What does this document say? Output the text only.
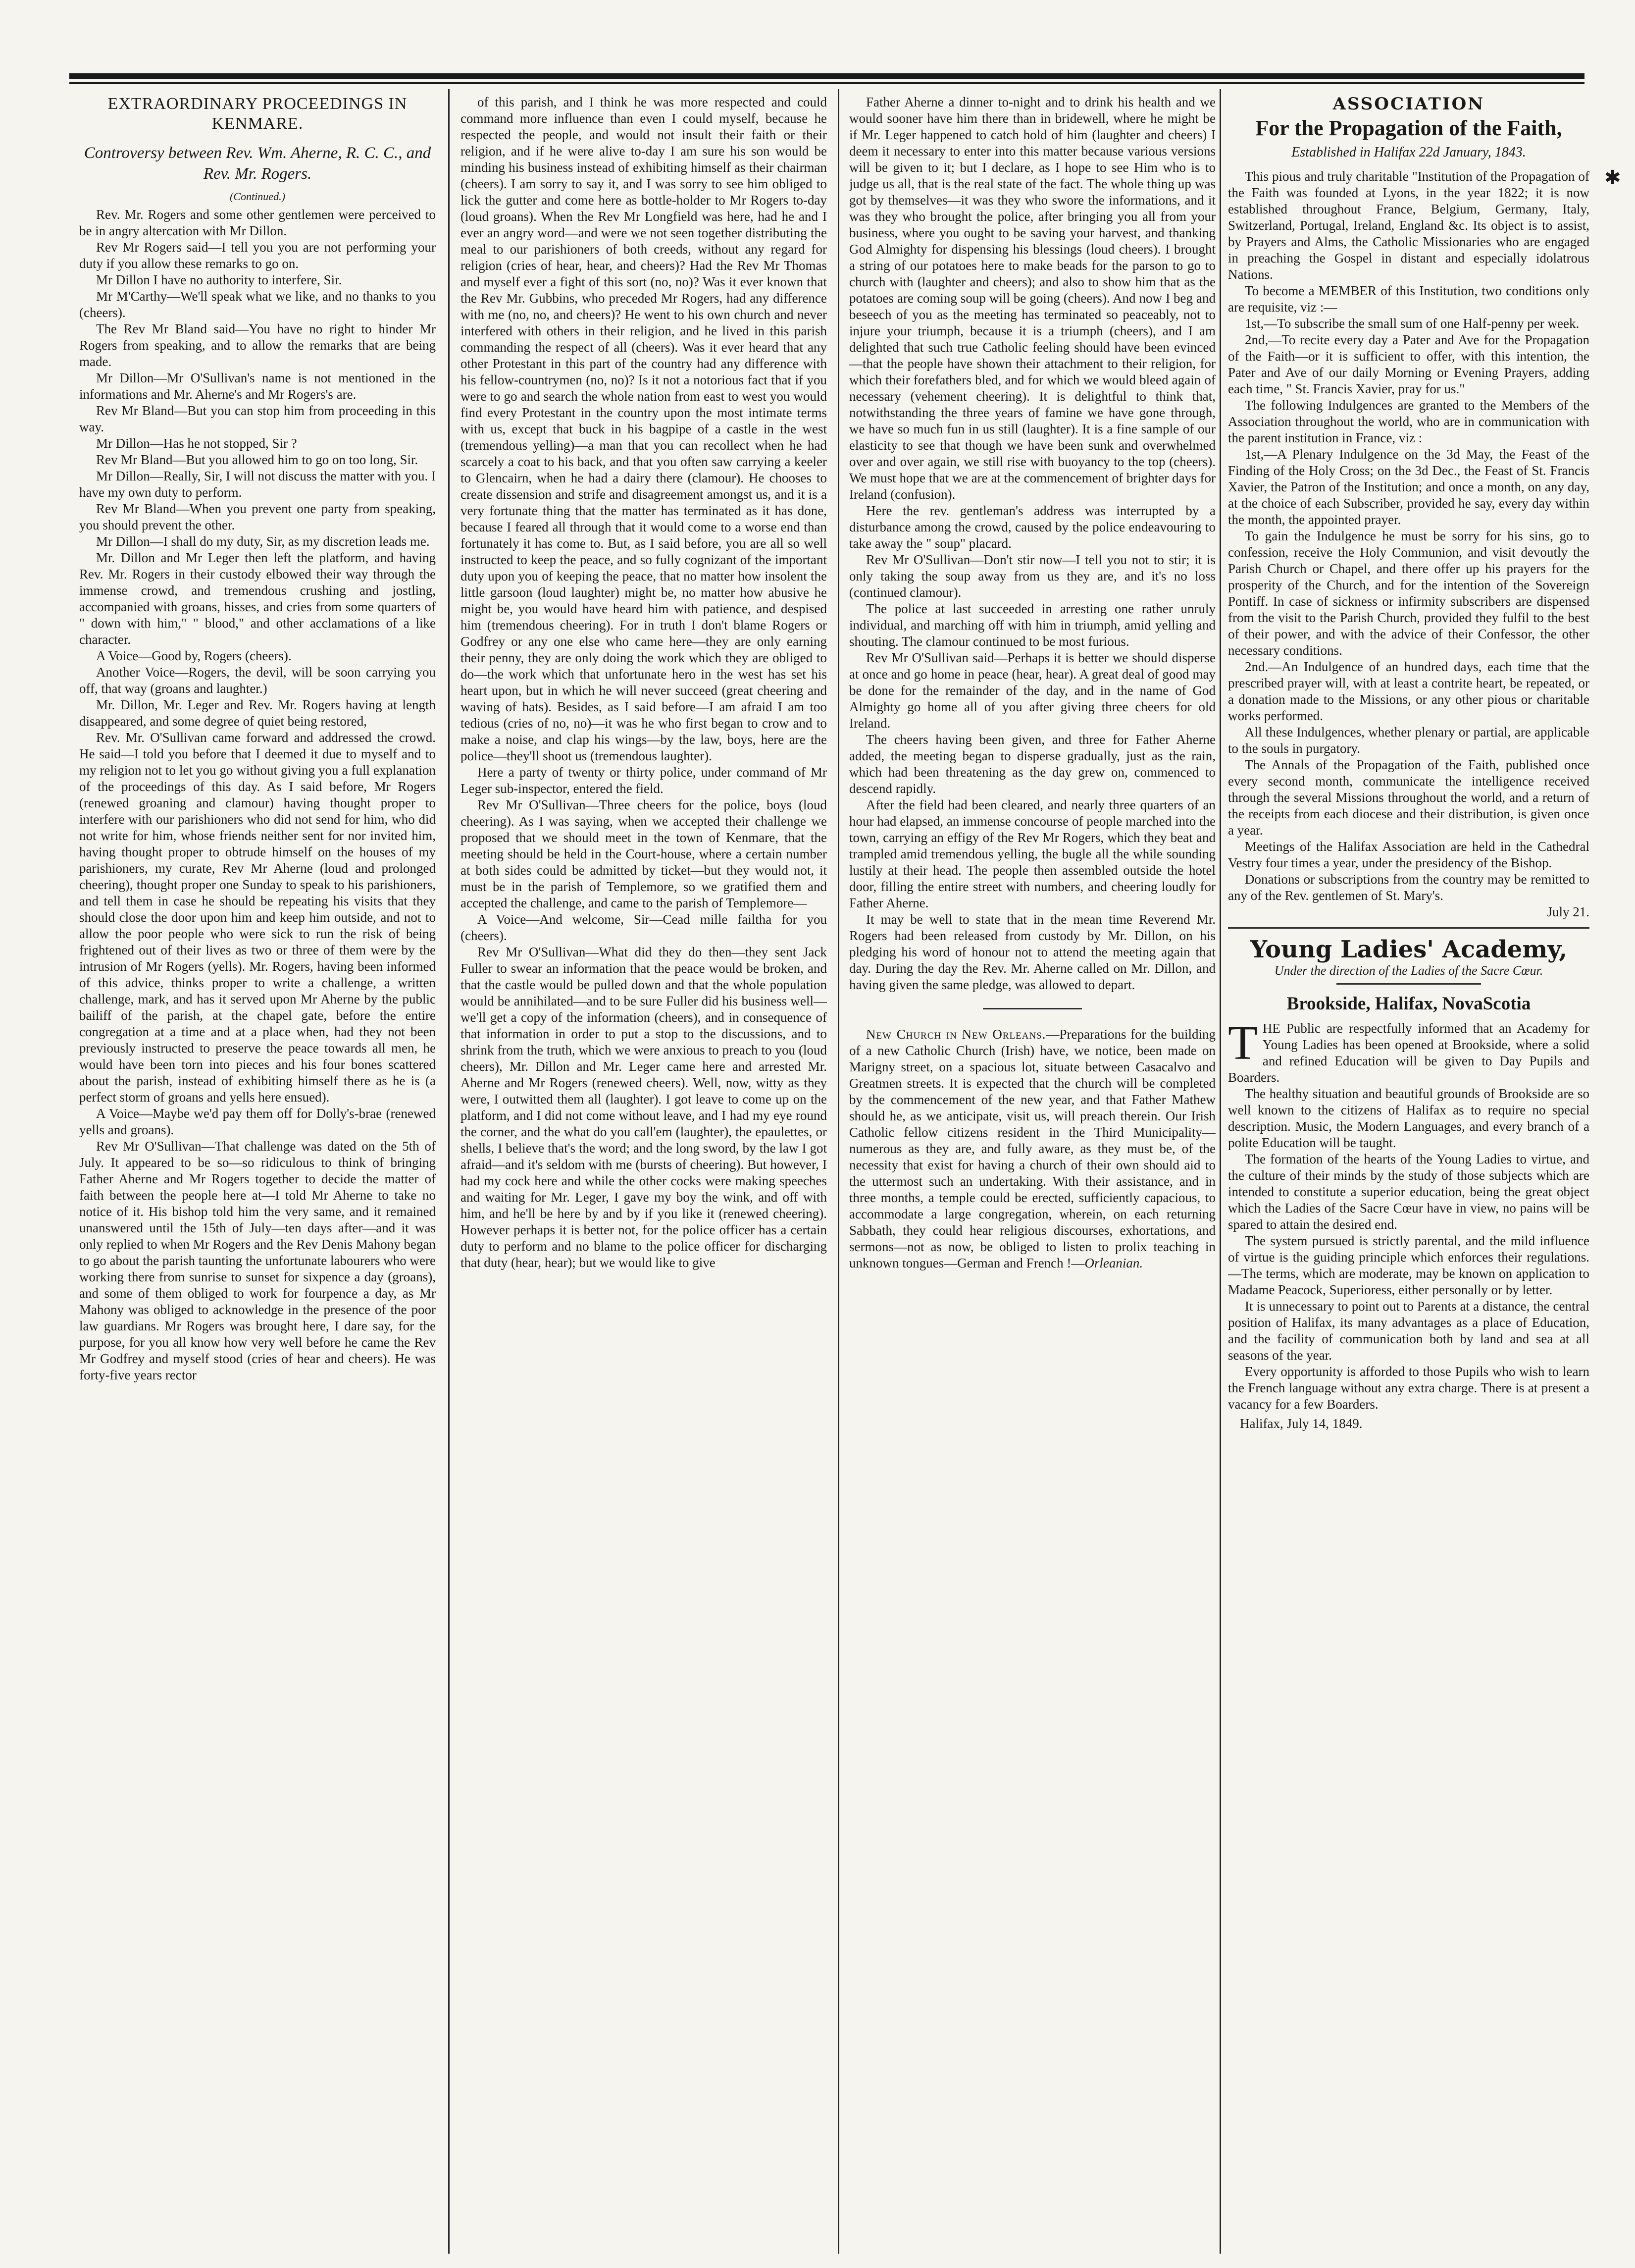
✱

EXTRAORDINARY PROCEEDINGS IN KENMARE.

Controversy between Rev. Wm. Aherne, R. C. C., and Rev. Mr. Rogers.

(Continued.)

Rev. Mr. Rogers and some other gentlemen were perceived to be in angry altercation with Mr Dillon.

Rev Mr Rogers said—I tell you you are not performing your duty if you allow these remarks to go on.

Mr Dillon I have no authority to interfere, Sir.

Mr M'Carthy—We'll speak what we like, and no thanks to you (cheers).

The Rev Mr Bland said—You have no right to hinder Mr Rogers from speaking, and to allow the remarks that are being made.

Mr Dillon—Mr O'Sullivan's name is not mentioned in the informations and Mr. Aherne's and Mr Rogers's are.

Rev Mr Bland—But you can stop him from proceeding in this way.

Mr Dillon—Has he not stopped, Sir ?

Rev Mr Bland—But you allowed him to go on too long, Sir.

Mr Dillon—Really, Sir, I will not discuss the matter with you. I have my own duty to perform.

Rev Mr Bland—When you prevent one party from speaking, you should prevent the other.

Mr Dillon—I shall do my duty, Sir, as my discretion leads me.

Mr. Dillon and Mr Leger then left the platform, and having Rev. Mr. Rogers in their custody elbowed their way through the immense crowd, and tremendous crushing and jostling, accompanied with groans, hisses, and cries from some quarters of " down with him," " blood," and other acclamations of a like character.

A Voice—Good by, Rogers (cheers).

Another Voice—Rogers, the devil, will be soon carrying you off, that way (groans and laughter.)

Mr. Dillon, Mr. Leger and Rev. Mr. Rogers having at length disappeared, and some degree of quiet being restored,

Rev. Mr. O'Sullivan came forward and addressed the crowd. He said—I told you before that I deemed it due to myself and to my religion not to let you go without giving you a full explanation of the proceedings of this day. As I said before, Mr Rogers (renewed groaning and clamour) having thought proper to interfere with our parishioners who did not send for him, who did not write for him, whose friends neither sent for nor invited him, having thought proper to obtrude himself on the houses of my parishioners, my curate, Rev Mr Aherne (loud and prolonged cheering), thought proper one Sunday to speak to his parishioners, and tell them in case he should be repeating his visits that they should close the door upon him and keep him outside, and not to allow the poor people who were sick to run the risk of being frightened out of their lives as two or three of them were by the intrusion of Mr Rogers (yells). Mr. Rogers, having been informed of this advice, thinks proper to write a challenge, a written challenge, mark, and has it served upon Mr Aherne by the public bailiff of the parish, at the chapel gate, before the entire congregation at a time and at a place when, had they not been previously instructed to preserve the peace towards all men, he would have been torn into pieces and his four bones scattered about the parish, instead of exhibiting himself there as he is (a perfect storm of groans and yells here ensued).

A Voice—Maybe we'd pay them off for Dolly's-brae (renewed yells and groans).

Rev Mr O'Sullivan—That challenge was dated on the 5th of July. It appeared to be so—so ridiculous to think of bringing Father Aherne and Mr Rogers together to decide the matter of faith between the people here at—I told Mr Aherne to take no notice of it. His bishop told him the very same, and it remained unanswered until the 15th of July—ten days after—and it was only replied to when Mr Rogers and the Rev Denis Mahony began to go about the parish taunting the unfortunate labourers who were working there from sunrise to sunset for sixpence a day (groans), and some of them obliged to work for fourpence a day, as Mr Mahony was obliged to acknowledge in the presence of the poor law guardians. Mr Rogers was brought here, I dare say, for the purpose, for you all know how very well before he came the Rev Mr Godfrey and myself stood (cries of hear and cheers). He was forty-five years rector

of this parish, and I think he was more respected and could command more influence than even I could myself, because he respected the people, and would not insult their faith or their religion, and if he were alive to-day I am sure his son would be minding his business instead of exhibiting himself as their chairman (cheers). I am sorry to say it, and I was sorry to see him obliged to lick the gutter and come here as bottle-holder to Mr Rogers to-day (loud groans). When the Rev Mr Longfield was here, had he and I ever an angry word—and were we not seen together distributing the meal to our parishioners of both creeds, without any regard for religion (cries of hear, hear, and cheers)? Had the Rev Mr Thomas and myself ever a fight of this sort (no, no)? Was it ever known that the Rev Mr. Gubbins, who preceded Mr Rogers, had any difference with me (no, no, and cheers)? He went to his own church and never interfered with others in their religion, and he lived in this parish commanding the respect of all (cheers). Was it ever heard that any other Protestant in this part of the country had any difference with his fellow-countrymen (no, no)? Is it not a notorious fact that if you were to go and search the whole nation from east to west you would find every Protestant in the country upon the most intimate terms with us, except that buck in his bagpipe of a castle in the west (tremendous yelling)—a man that you can recollect when he had scarcely a coat to his back, and that you often saw carrying a keeler to Glencairn, when he had a dairy there (clamour). He chooses to create dissension and strife and disagreement amongst us, and it is a very fortunate thing that the matter has terminated as it has done, because I feared all through that it would come to a worse end than fortunately it has come to. But, as I said before, you are all so well instructed to keep the peace, and so fully cognizant of the important duty upon you of keeping the peace, that no matter how insolent the little garsoon (loud laughter) might be, no matter how abusive he might be, you would have heard him with patience, and despised him (tremendous cheering). For in truth I don't blame Rogers or Godfrey or any one else who came here—they are only earning their penny, they are only doing the work which they are obliged to do—the work which that unfortunate hero in the west has set his heart upon, but in which he will never succeed (great cheering and waving of hats). Besides, as I said before—I am afraid I am too tedious (cries of no, no)—it was he who first began to crow and to make a noise, and clap his wings—by the law, boys, here are the police—they'll shoot us (tremendous laughter).

Here a party of twenty or thirty police, under command of Mr Leger sub-inspector, entered the field.

Rev Mr O'Sullivan—Three cheers for the police, boys (loud cheering). As I was saying, when we accepted their challenge we proposed that we should meet in the town of Kenmare, that the meeting should be held in the Court-house, where a certain number at both sides could be admitted by ticket—but they would not, it must be in the parish of Templemore, so we gratified them and accepted the challenge, and came to the parish of Templemore—

A Voice—And welcome, Sir—Cead mille failtha for you (cheers).

Rev Mr O'Sullivan—What did they do then—they sent Jack Fuller to swear an information that the peace would be broken, and that the castle would be pulled down and that the whole population would be annihilated—and to be sure Fuller did his business well—we'll get a copy of the information (cheers), and in consequence of that information in order to put a stop to the discussions, and to shrink from the truth, which we were anxious to preach to you (loud cheers), Mr. Dillon and Mr. Leger came here and arrested Mr. Aherne and Mr Rogers (renewed cheers). Well, now, witty as they were, I outwitted them all (laughter). I got leave to come up on the platform, and I did not come without leave, and I had my eye round the corner, and the what do you call'em (laughter), the epaulettes, or shells, I believe that's the word; and the long sword, by the law I got afraid—and it's seldom with me (bursts of cheering). But however, I had my cock here and while the other cocks were making speeches and waiting for Mr. Leger, I gave my boy the wink, and off with him, and he'll be here by and by if you like it (renewed cheering). However perhaps it is better not, for the police officer has a certain duty to perform and no blame to the police officer for discharging that duty (hear, hear); but we would like to give

Father Aherne a dinner to-night and to drink his health and we would sooner have him there than in bridewell, where he might be if Mr. Leger happened to catch hold of him (laughter and cheers) I deem it necessary to enter into this matter because various versions will be given to it; but I declare, as I hope to see Him who is to judge us all, that is the real state of the fact. The whole thing up was got by themselves—it was they who swore the informations, and it was they who brought the police, after bringing you all from your business, where you ought to be saving your harvest, and thanking God Almighty for dispensing his blessings (loud cheers). I brought a string of our potatoes here to make beads for the parson to go to church with (laughter and cheers); and also to show him that as the potatoes are coming soup will be going (cheers). And now I beg and beseech of you as the meeting has terminated so peaceably, not to injure your triumph, because it is a triumph (cheers), and I am delighted that such true Catholic feeling should have been evinced—that the people have shown their attachment to their religion, for which their forefathers bled, and for which we would bleed again of necessary (vehement cheering). It is delightful to think that, notwithstanding the three years of famine we have gone through, we have so much fun in us still (laughter). It is a fine sample of our elasticity to see that though we have been sunk and overwhelmed over and over again, we still rise with buoyancy to the top (cheers). We must hope that we are at the commencement of brighter days for Ireland (confusion).

Here the rev. gentleman's address was interrupted by a disturbance among the crowd, caused by the police endeavouring to take away the " soup" placard.

Rev Mr O'Sullivan—Don't stir now—I tell you not to stir; it is only taking the soup away from us they are, and it's no loss (continued clamour).

The police at last succeeded in arresting one rather unruly individual, and marching off with him in triumph, amid yelling and shouting. The clamour continued to be most furious.

Rev Mr O'Sullivan said—Perhaps it is better we should disperse at once and go home in peace (hear, hear). A great deal of good may be done for the remainder of the day, and in the name of God Almighty go home all of you after giving three cheers for old Ireland.

The cheers having been given, and three for Father Aherne added, the meeting began to disperse gradually, just as the rain, which had been threatening as the day grew on, commenced to descend rapidly.

After the field had been cleared, and nearly three quarters of an hour had elapsed, an immense concourse of people marched into the town, carrying an effigy of the Rev Mr Rogers, which they beat and trampled amid tremendous yelling, the bugle all the while sounding lustily at their head. The people then assembled outside the hotel door, filling the entire street with numbers, and cheering loudly for Father Aherne.

It may be well to state that in the mean time Reverend Mr. Rogers had been released from custody by Mr. Dillon, on his pledging his word of honour not to attend the meeting again that day. During the day the Rev. Mr. Aherne called on Mr. Dillon, and having given the same pledge, was allowed to depart.

New Church in New Orleans.—Preparations for the building of a new Catholic Church (Irish) have, we notice, been made on Marigny street, on a spacious lot, situate between Casacalvo and Greatmen streets. It is expected that the church will be completed by the commencement of the new year, and that Father Mathew should he, as we anticipate, visit us, will preach therein. Our Irish Catholic fellow citizens resident in the Third Municipality—numerous as they are, and fully aware, as they must be, of the necessity that exist for having a church of their own should aid to the uttermost such an undertaking. With their assistance, and in three months, a temple could be erected, sufficiently capacious, to accommodate a large congregation, wherein, on each returning Sabbath, they could hear religious discourses, exhortations, and sermons—not as now, be obliged to listen to prolix teaching in unknown tongues—German and French !—Orleanian.

ASSOCIATION

For the Propagation of the Faith,

Established in Halifax 22d January, 1843.

This pious and truly charitable "Institution of the Propagation of the Faith was founded at Lyons, in the year 1822; it is now established throughout France, Belgium, Germany, Italy, Switzerland, Portugal, Ireland, England &c. Its object is to assist, by Prayers and Alms, the Catholic Missionaries who are engaged in preaching the Gospel in distant and especially idolatrous Nations.

To become a MEMBER of this Institution, two conditions only are requisite, viz :—

1st,—To subscribe the small sum of one Half-penny per week.

2nd,—To recite every day a Pater and Ave for the Propagation of the Faith—or it is sufficient to offer, with this intention, the Pater and Ave of our daily Morning or Evening Prayers, adding each time, " St. Francis Xavier, pray for us."

The following Indulgences are granted to the Members of the Association throughout the world, who are in communication with the parent institution in France, viz :

1st,—A Plenary Indulgence on the 3d May, the Feast of the Finding of the Holy Cross; on the 3d Dec., the Feast of St. Francis Xavier, the Patron of the Institution; and once a month, on any day, at the choice of each Subscriber, provided he say, every day within the month, the appointed prayer.

To gain the Indulgence he must be sorry for his sins, go to confession, receive the Holy Communion, and visit devoutly the Parish Church or Chapel, and there offer up his prayers for the prosperity of the Church, and for the intention of the Sovereign Pontiff. In case of sickness or infirmity subscribers are dispensed from the visit to the Parish Church, provided they fulfil to the best of their power, and with the advice of their Confessor, the other necessary conditions.

2nd.—An Indulgence of an hundred days, each time that the prescribed prayer will, with at least a contrite heart, be repeated, or a donation made to the Missions, or any other pious or charitable works performed.

All these Indulgences, whether plenary or partial, are applicable to the souls in purgatory.

The Annals of the Propagation of the Faith, published once every second month, communicate the intelligence received through the several Missions throughout the world, and a return of the receipts from each diocese and their distribution, is given once a year.

Meetings of the Halifax Association are held in the Cathedral Vestry four times a year, under the presidency of the Bishop.

Donations or subscriptions from the country may be remitted to any of the Rev. gentlemen of St. Mary's.

July 21.

Young Ladies' Academy,

Under the direction of the Ladies of the Sacre Cœur.

Brookside, Halifax, NovaScotia

THE Public are respectfully informed that an Academy for Young Ladies has been opened at Brookside, where a solid and refined Education will be given to Day Pupils and Boarders.

The healthy situation and beautiful grounds of Brookside are so well known to the citizens of Halifax as to require no special description. Music, the Modern Languages, and every branch of a polite Education will be taught.

The formation of the hearts of the Young Ladies to virtue, and the culture of their minds by the study of those subjects which are intended to constitute a superior education, being the great object which the Ladies of the Sacre Cœur have in view, no pains will be spared to attain the desired end.

The system pursued is strictly parental, and the mild influence of virtue is the guiding principle which enforces their regulations.—The terms, which are moderate, may be known on application to Madame Peacock, Superioress, either personally or by letter.

It is unnecessary to point out to Parents at a distance, the central position of Halifax, its many advantages as a place of Education, and the facility of communication both by land and sea at all seasons of the year.

Every opportunity is afforded to those Pupils who wish to learn the French language without any extra charge. There is at present a vacancy for a few Boarders.

Halifax, July 14, 1849.
